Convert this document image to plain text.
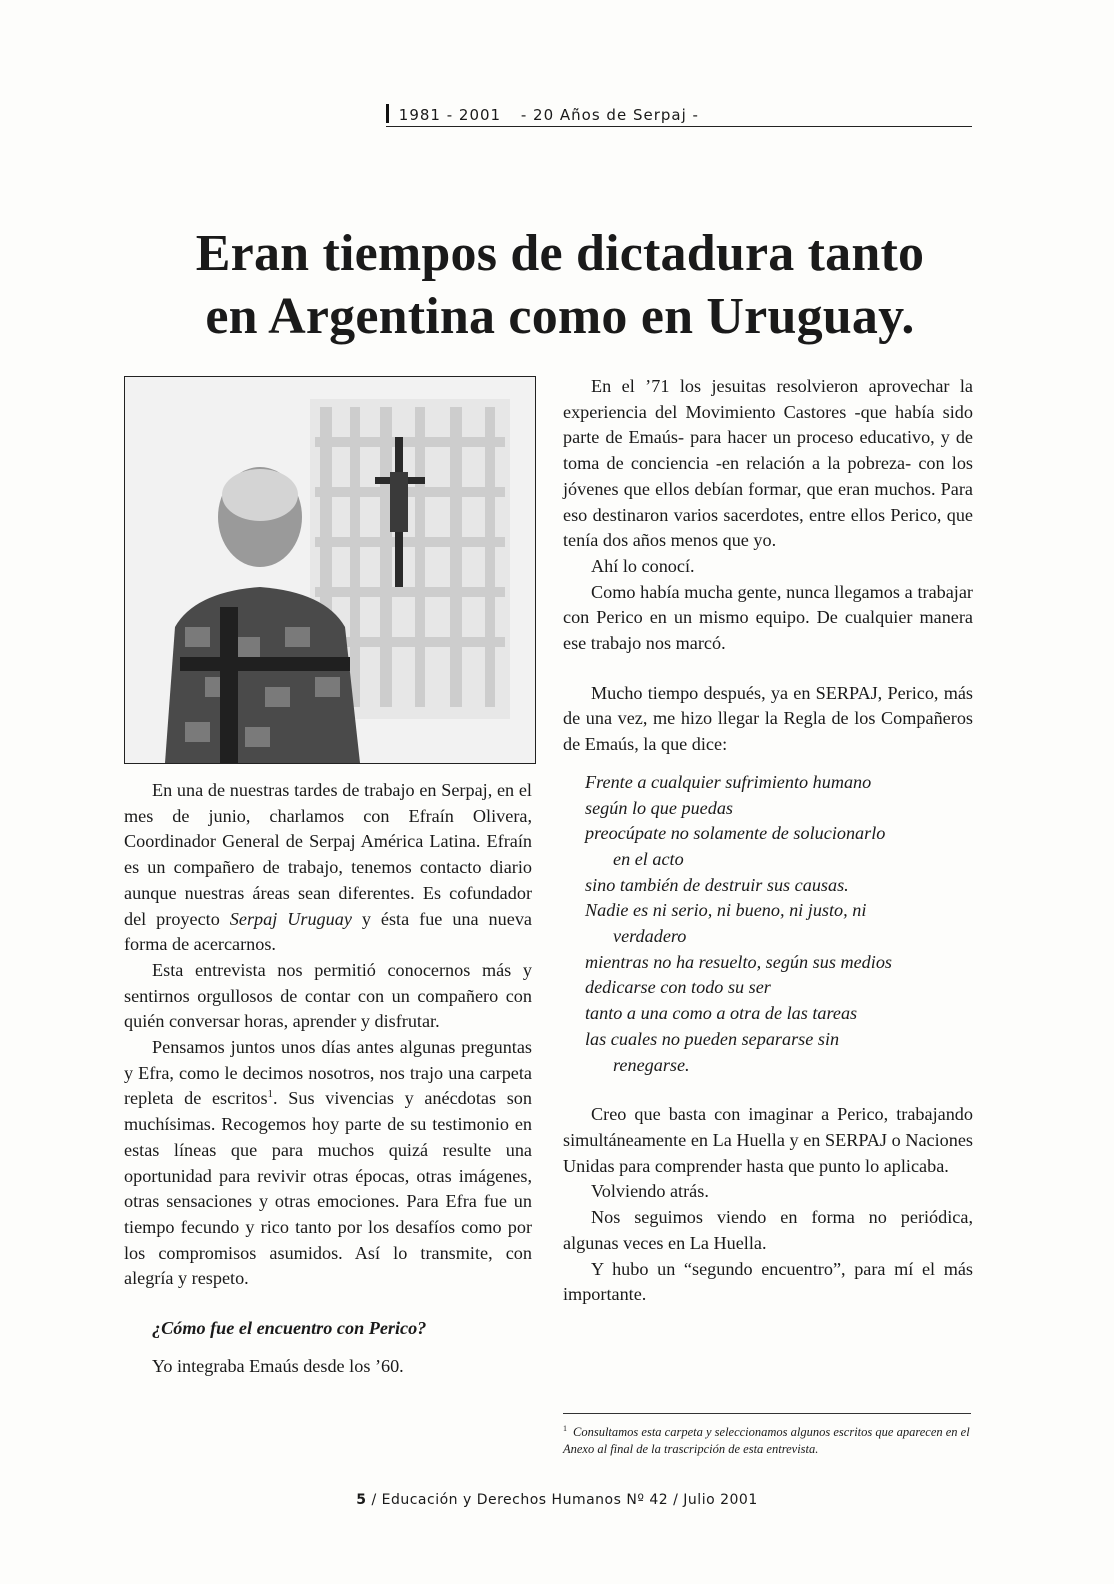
1981 - 2001 - 20 Años de Serpaj -
Eran tiempos de dictadura tanto
en Argentina como en Uruguay.

En una de nuestras tardes de trabajo en Serpaj, en el mes de junio, charlamos con Efraín Olivera, Coordinador General de Serpaj América Latina. Efraín es un compañero de trabajo, tenemos contacto diario aunque nuestras áreas sean diferentes. Es cofundador del proyecto Serpaj Uruguay y ésta fue una nueva forma de acercarnos.

Esta entrevista nos permitió conocernos más y sentirnos orgullosos de contar con un compañero con quién conversar horas, aprender y disfrutar.

Pensamos juntos unos días antes algunas preguntas y Efra, como le decimos nosotros, nos trajo una carpeta repleta de escritos$^1$. Sus vivencias y anécdotas son muchísimas. Recogemos hoy parte de su testimonio en estas líneas que para muchos quizá resulte una oportunidad para revivir otras épocas, otras imágenes, otras sensaciones y otras emociones. Para Efra fue un tiempo fecundo y rico tanto por los desafíos como por los compromisos asumidos. Así lo transmite, con alegría y respeto.

¿Cómo fue el encuentro con Perico?

Yo integraba Emaús desde los ’60.

En el ’71 los jesuitas resolvieron aprovechar la experiencia del Movimiento Castores -que había sido parte de Emaús- para hacer un proceso educativo, y de toma de conciencia -en relación a la pobreza- con los jóvenes que ellos debían formar, que eran muchos. Para eso destinaron varios sacerdotes, entre ellos Perico, que tenía dos años menos que yo.

Ahí lo conocí.

Como había mucha gente, nunca llegamos a trabajar con Perico en un mismo equipo. De cualquier manera ese trabajo nos marcó.

Mucho tiempo después, ya en SERPAJ, Perico, más de una vez, me hizo llegar la Regla de los Compañeros de Emaús, la que dice:

Frente a cualquier sufrimiento humano
según lo que puedas
preocúpate no solamente de solucionarlo
en el acto
sino también de destruir sus causas.
Nadie es ni serio, ni bueno, ni justo, ni
verdadero
mientras no ha resuelto, según sus medios
dedicarse con todo su ser
tanto a una como a otra de las tareas
las cuales no pueden separarse sin
renegarse.

Creo que basta con imaginar a Perico, trabajando simultáneamente en La Huella y en SERPAJ o Naciones Unidas para comprender hasta que punto lo aplicaba.

Volviendo atrás.

Nos seguimos viendo en forma no periódica, algunas veces en La Huella.

Y hubo un “segundo encuentro”, para mí el más importante.

$^1$ Consultamos esta carpeta y seleccionamos algunos escritos que aparecen en el Anexo al final de la trascripción de esta entrevista.
5 / Educación y Derechos Humanos Nº 42 / Julio 2001
